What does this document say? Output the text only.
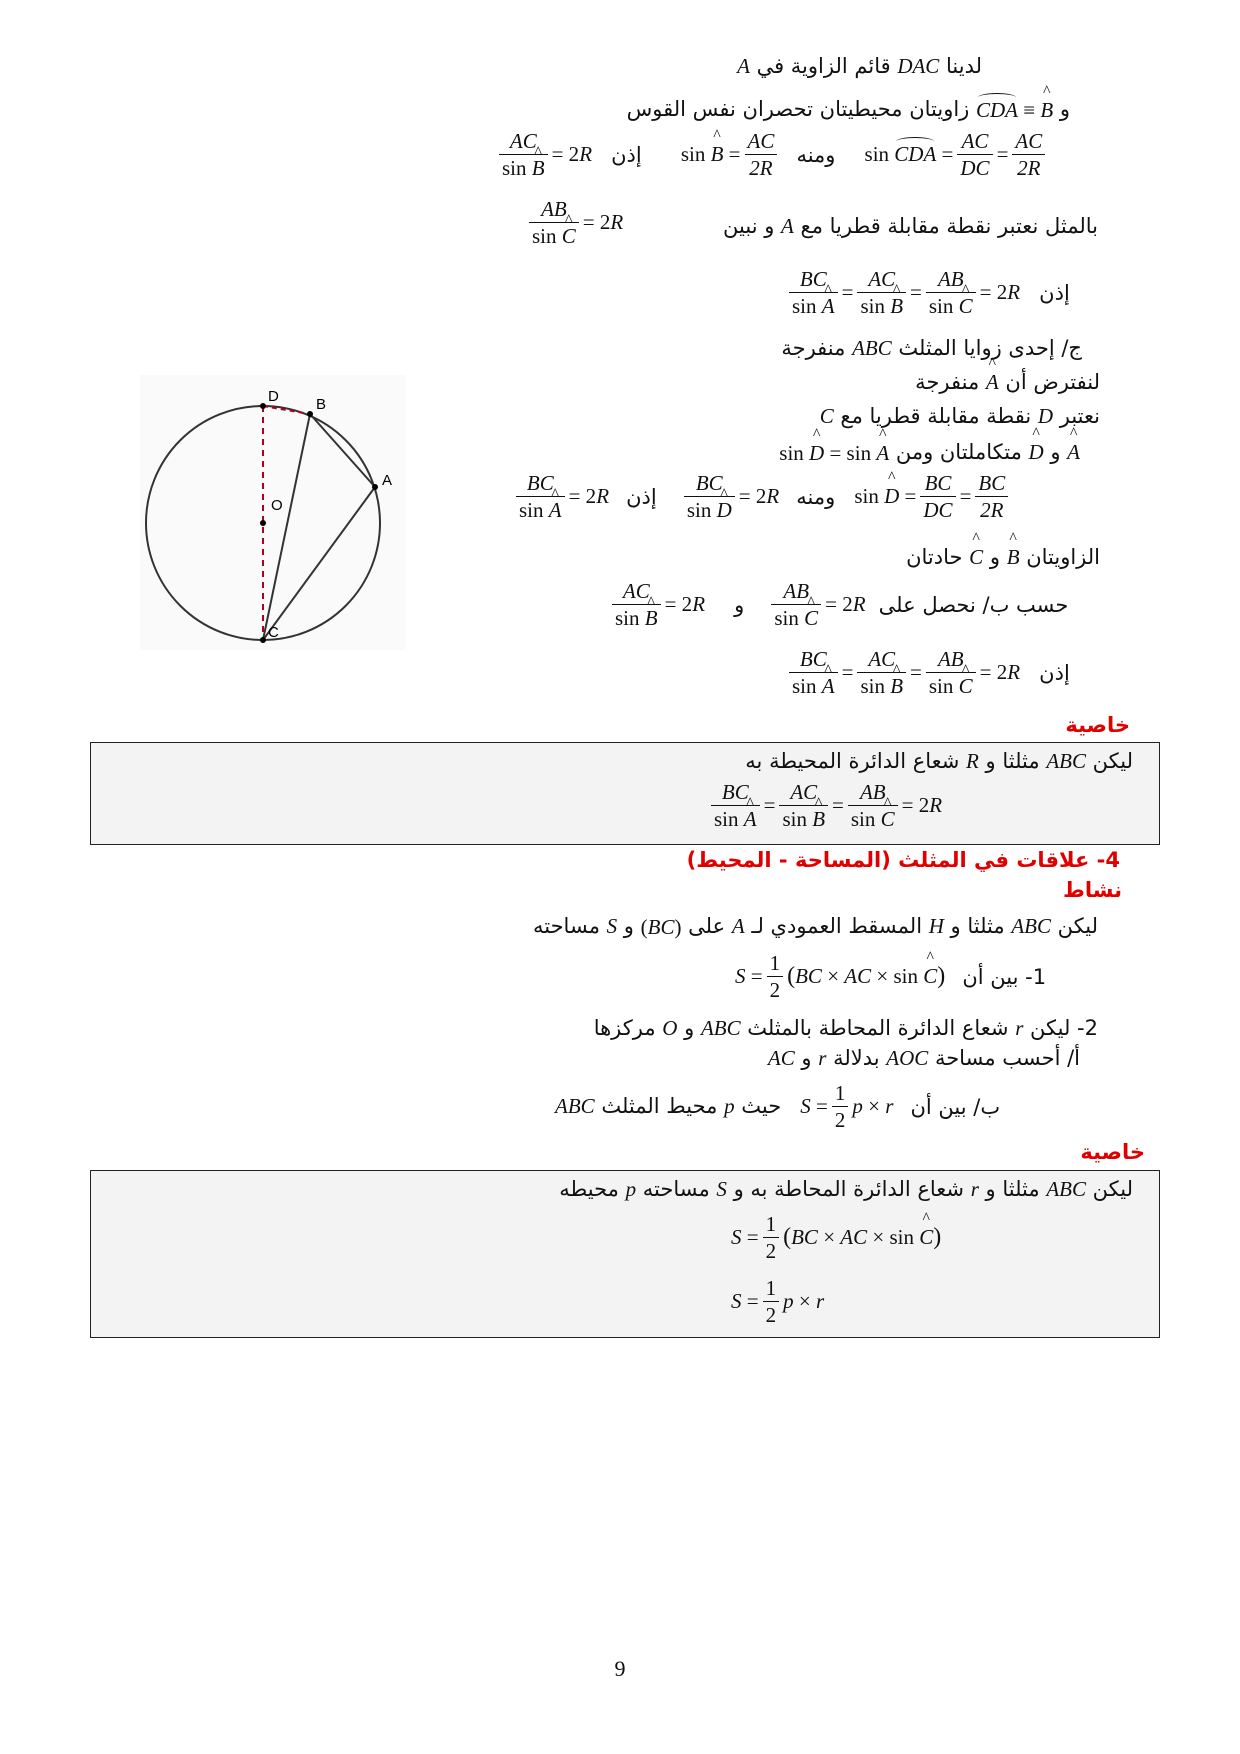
لدينا DAC قائم الزاوية في A
و CDA ≡ ^ B زاويتان محيطيتان تحصران نفس القوس
$\frac{AC}{\sin \^{} B} = 2R$ إذن sin ^ $B = \frac{AC}{2R}$ ومنه sin CDA = $\frac{AC}{DC} = \frac{AC}{2R}$
$\frac{AB}{\sin \^{} C} = 2R$	بالمثل نعتبر نقطة مقابلة قطريا مع A و نبين
$\frac{BC}{\sin \^{} A} = \frac{AC}{\sin \^{} B} = \frac{AB}{\sin \^{} C} = 2R$ إذن
ج/ إحدى زوايا المثلث ABC منفرجة
لنفترض أن ^ A منفرجة
نعتبر D نقطة مقابلة قطريا مع C
^ A و ^ D متكاملتان ومن sin ^ D = sin ^ A
$\frac{BC}{\sin \^{} A} = 2R$ إذن $\frac{BC}{\sin \^{} D} = 2R$ ومنه sin ^ $D = \frac{BC}{DC} = \frac{BC}{2R}$
الزاويتان ^ B و ^ C حادتان
$\frac{AC}{\sin \^{} B} = 2R$ و $\frac{AB}{\sin \^{} C} = 2R$ حسب ب/ نحصل على
$\frac{BC}{\sin \^{} A} = \frac{AC}{\sin \^{} B} = \frac{AB}{\sin \^{} C} = 2R$ إذن
D B
A
O
C
خاصية
ليكن ABC مثلثا و R شعاع الدائرة المحيطة به
$\frac{BC}{\sin \^{} A} = \frac{AC}{\sin \^{} B} = \frac{AB}{\sin \^{} C} = 2R$
4- علاقات في المثلث (المساحة - المحيط)
نشاط
ليكن ABC مثلثا و H المسقط العمودي لـ A على (BC) و S مساحته
$S = \frac{1}{2} (BC$ × AC × sin ^ C) 1- بين أن
2- ليكن r شعاع الدائرة المحاطة بالمثلث ABC و O مركزها
أ/ أحسب مساحة AOC بدلالة r و AC
حيث p محيط المثلث ABC	$S = \frac{1}{2}$ p × r ب/ بين أن
خاصية
ليكن ABC مثلثا و r شعاع الدائرة المحاطة به و S مساحته p محيطه
$S = \frac{1}{2} (BC$ × AC × sin ^ C)
$S = \frac{1}{2}$ p × r
9
